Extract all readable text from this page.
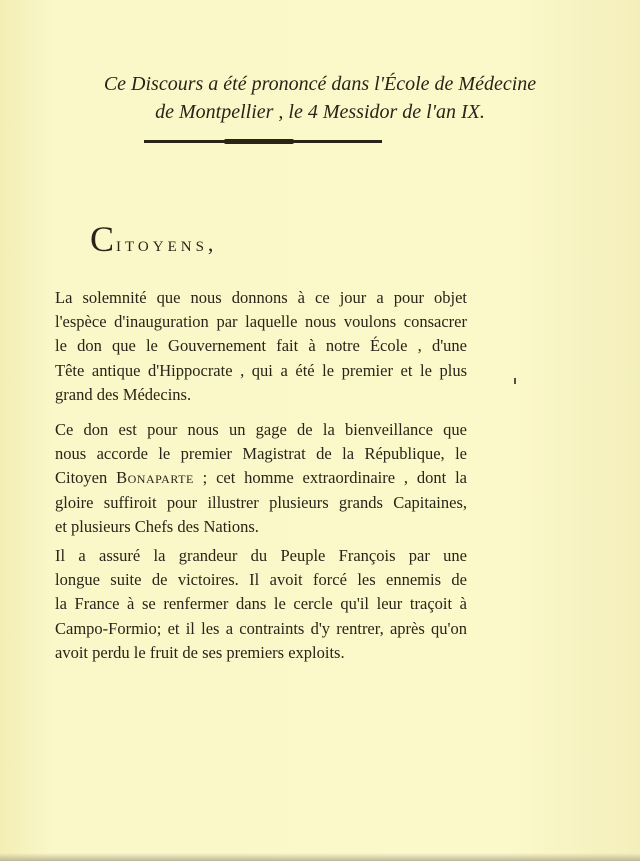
Ce Discours a été prononcé dans l'École de Médecine
de Montpellier , le 4 Messidor de l'an IX.
Citoyens,
La solemnité que nous donnons à ce jour a pour objet
l'espèce d'inauguration par laquelle nous voulons consacrer
le don que le Gouvernement fait à notre École , d'une
Tête antique d'Hippocrate , qui a été le premier et le plus
grand des Médecins.
Ce don est pour nous un gage de la bienveillance que
nous accorde le premier Magistrat de la République, le
Citoyen Bonaparte ; cet homme extraordinaire , dont la
gloire suffiroit pour illustrer plusieurs grands Capitaines,
et plusieurs Chefs des Nations.
Il a assuré la grandeur du Peuple François par une
longue suite de victoires. Il avoit forcé les ennemis de
la France à se renfermer dans le cercle qu'il leur traçoit à
Campo-Formio; et il les a contraints d'y rentrer, après qu'on
avoit perdu le fruit de ses premiers exploits.
